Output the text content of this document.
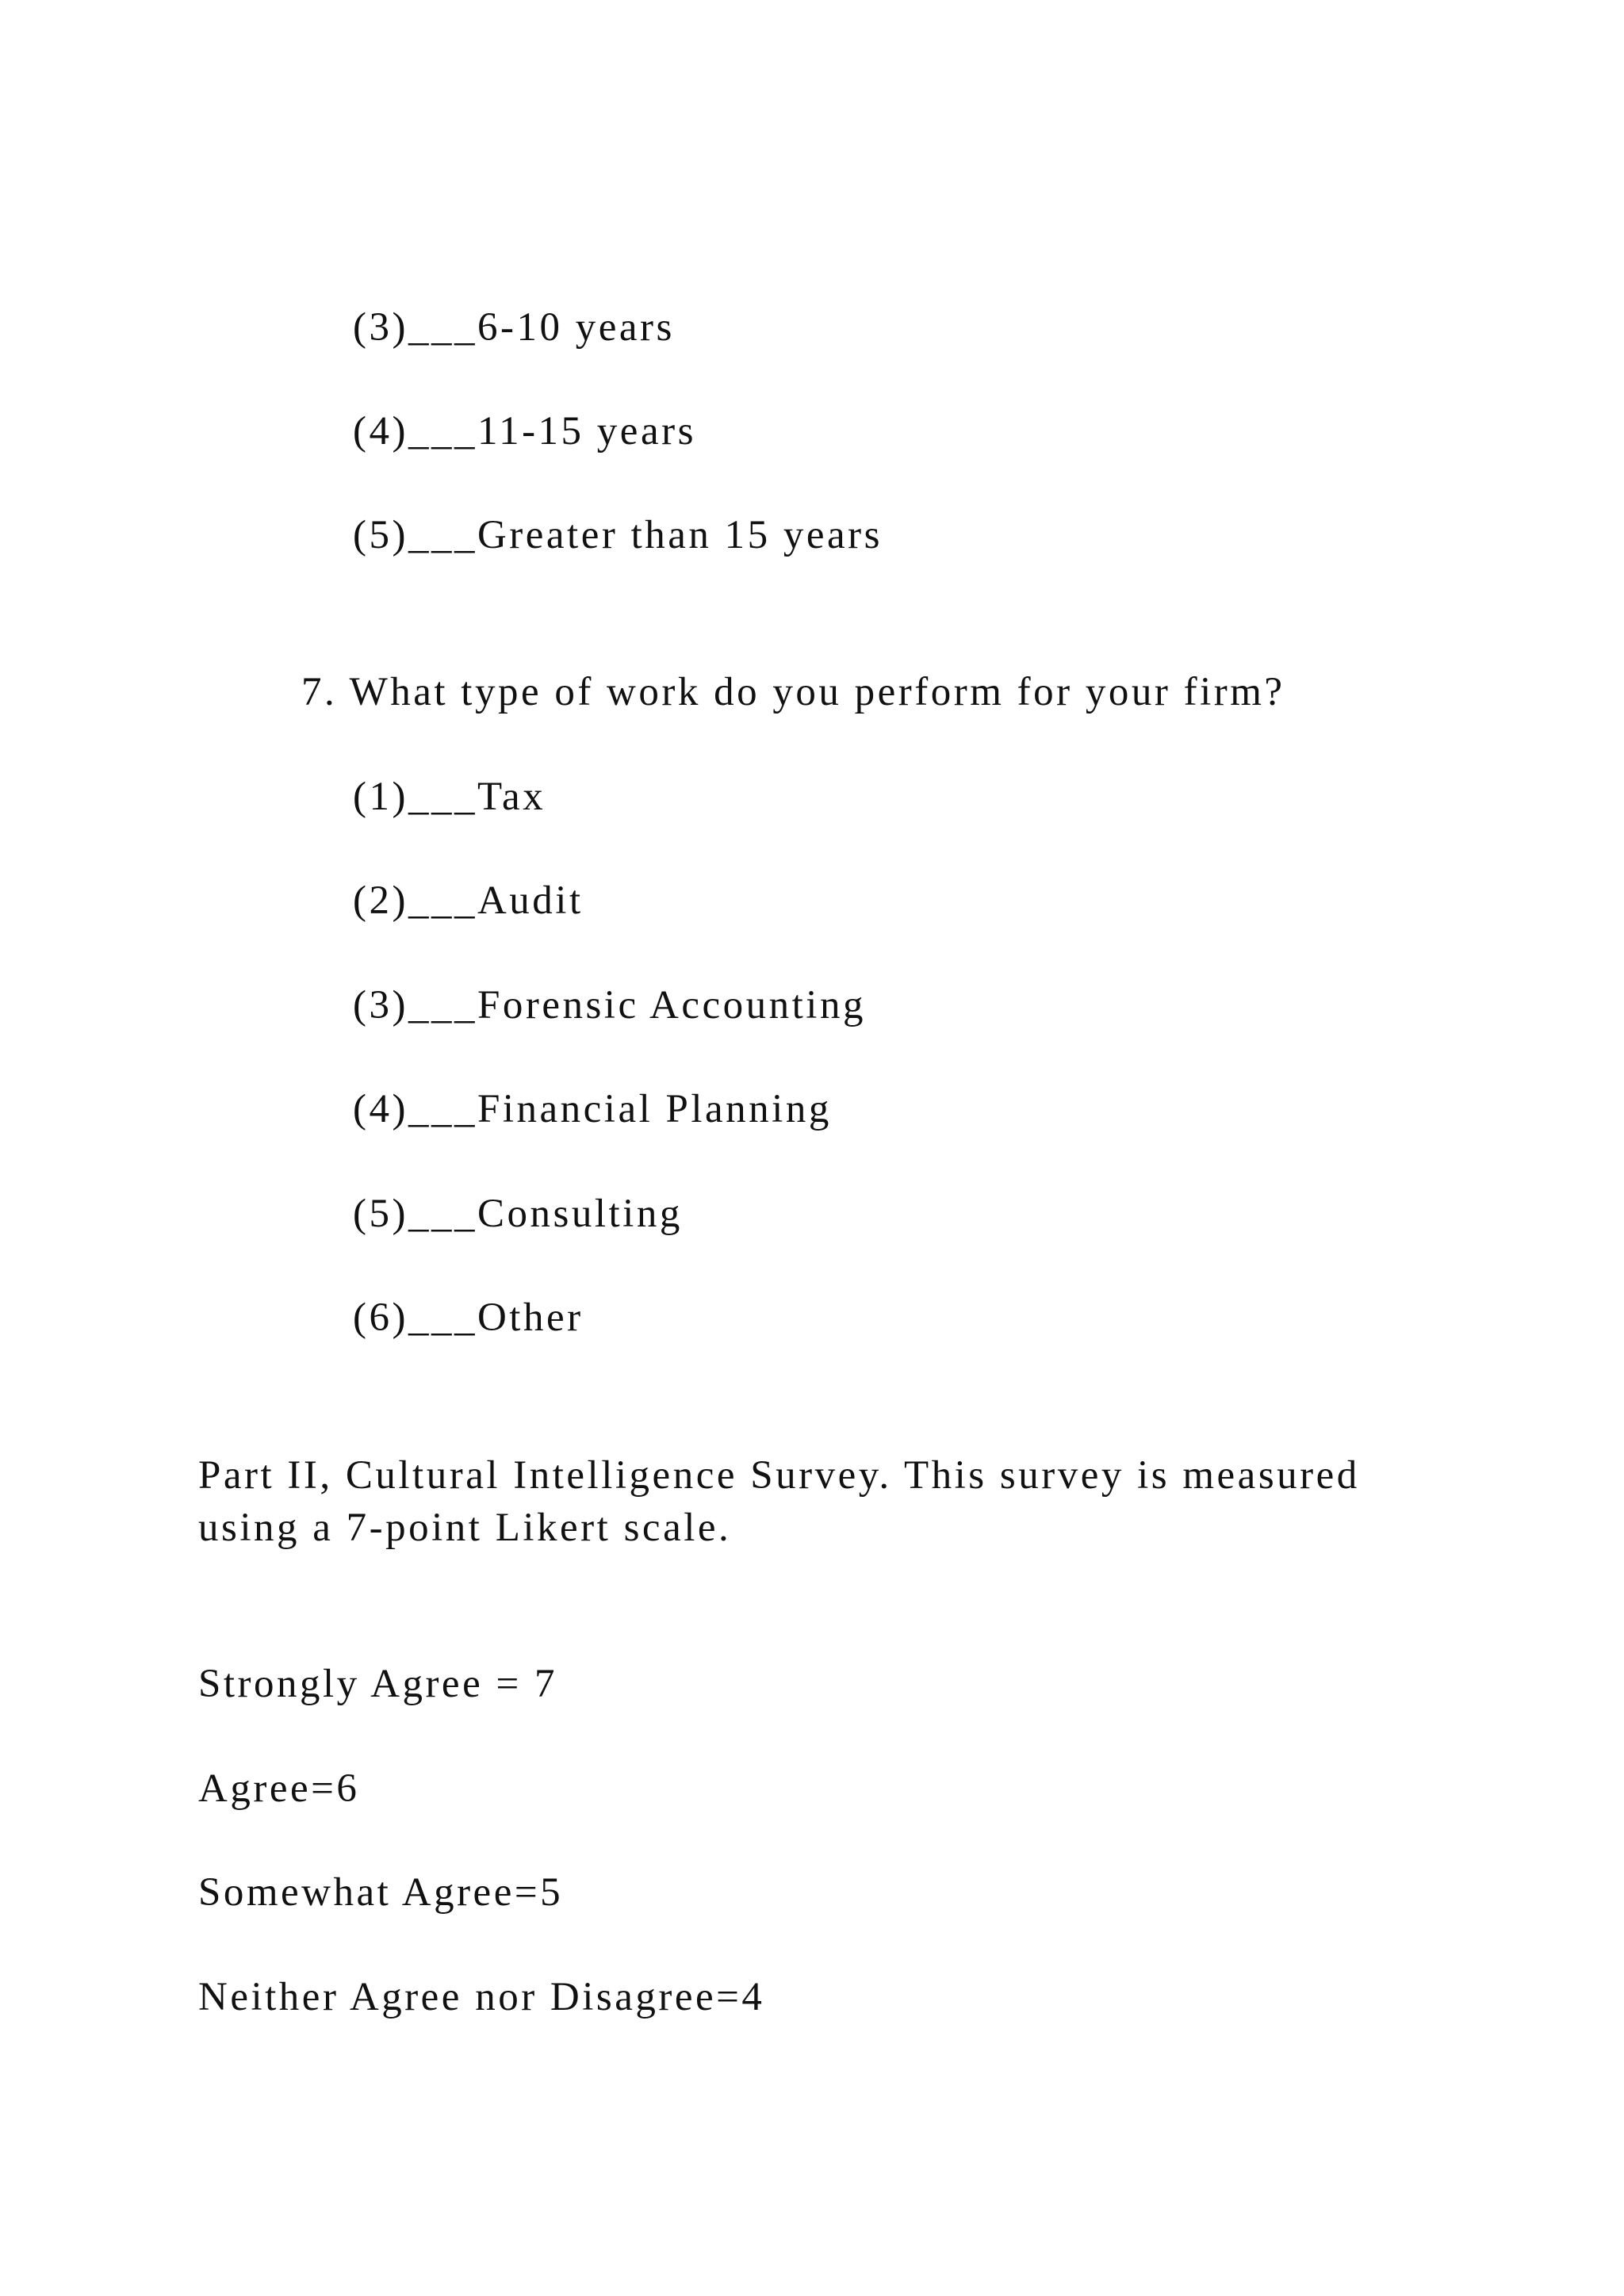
(3)___6-10 years
(4)___11-15 years
(5)___Greater than 15 years
7. What type of work do you perform for your firm?
(1)___Tax
(2)___Audit
(3)___Forensic Accounting
(4)___Financial Planning
(5)___Consulting
(6)___Other
Part II, Cultural Intelligence Survey. This survey is measured
using a 7-point Likert scale.
Strongly Agree = 7
Agree=6
Somewhat Agree=5
Neither Agree nor Disagree=4
